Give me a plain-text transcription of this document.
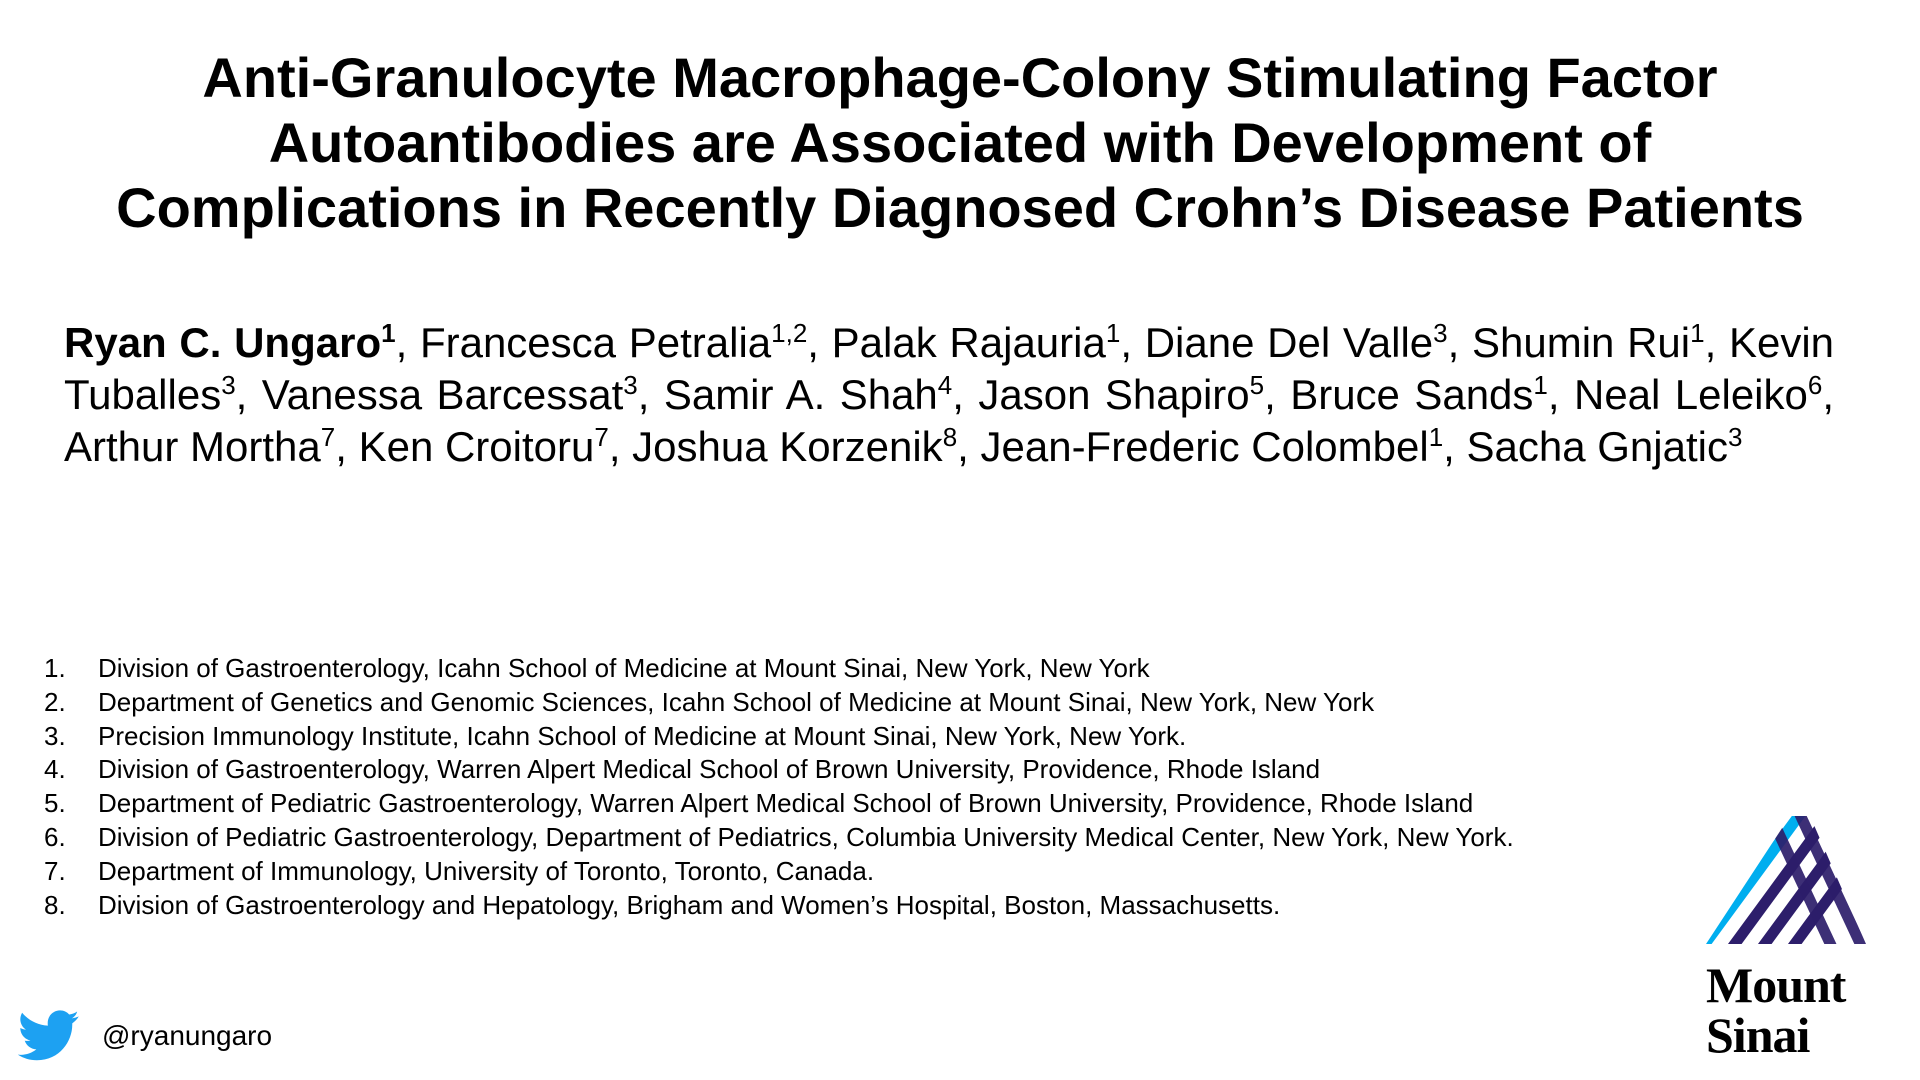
Anti-Granulocyte Macrophage-Colony Stimulating Factor
Autoantibodies are Associated with Development of
Complications in Recently Diagnosed Crohn’s Disease Patients

Ryan C. Ungaro$^1$, Francesca Petralia$^{1,2}$, Palak Rajauria$^1$, Diane Del Valle$^3$, Shumin Rui$^1$, Kevin Tuballes$^3$, Vanessa Barcessat$^3$, Samir A. Shah$^4$, Jason Shapiro$^5$, Bruce Sands$^1$, Neal Leleiko$^6$, Arthur Mortha$^7$, Ken Croitoru$^7$, Joshua Korzenik$^8$, Jean-Frederic Colombel$^1$, Sacha Gnjatic$^3$

1.	Division of Gastroenterology, Icahn School of Medicine at Mount Sinai, New York, New York
2.	Department of Genetics and Genomic Sciences, Icahn School of Medicine at Mount Sinai, New York, New York
3.	Precision Immunology Institute, Icahn School of Medicine at Mount Sinai, New York, New York.
4.	Division of Gastroenterology, Warren Alpert Medical School of Brown University, Providence, Rhode Island
5.	Department of Pediatric Gastroenterology, Warren Alpert Medical School of Brown University, Providence, Rhode Island
6.	Division of Pediatric Gastroenterology, Department of Pediatrics, Columbia University Medical Center, New York, New York.
7.	Department of Immunology, University of Toronto, Toronto, Canada.
8.	Division of Gastroenterology and Hepatology, Brigham and Women’s Hospital, Boston, Massachusetts.
@ryanungaro

Mount
Sinai
